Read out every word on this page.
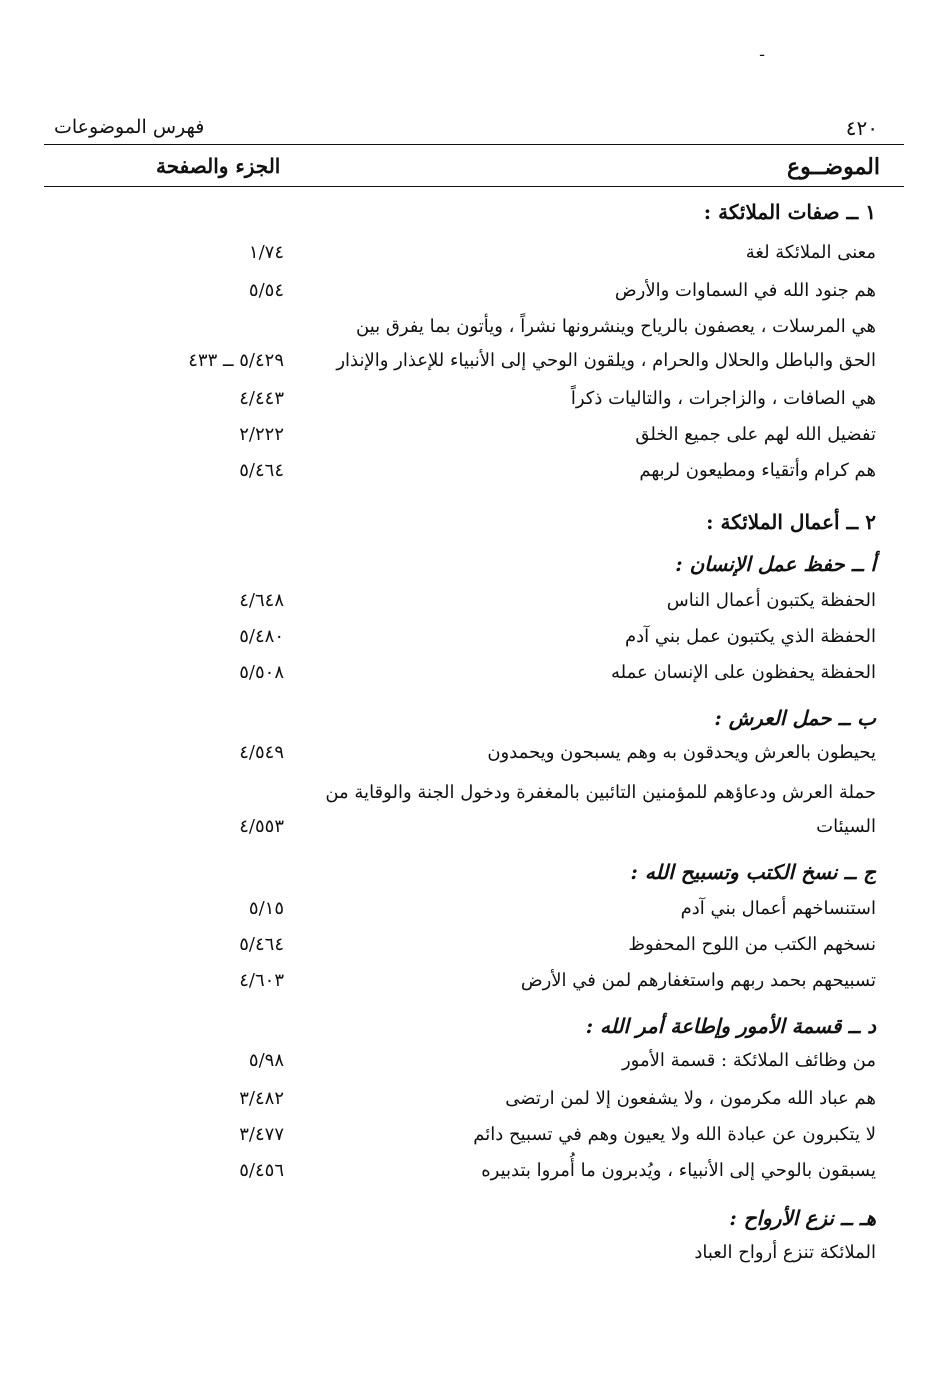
ـ
٤٢٠
فهرس الموضوعات
الموضــوع
الجزء والصفحة
١ ــ صفات الملائكة :
معنى الملائكة لغة
١/٧٤
هم جنود الله في السماوات والأرض
٥/٥٤
هي المرسلات ، يعصفون بالرياح وينشرونها نشراً ، ويأتون بما يفرق بين
الحق والباطل والحلال والحرام ، ويلقون الوحي إلى الأنبياء للإعذار والإنذار
٥/٤٢٩ ــ ٤٣٣
هي الصافات ، والزاجرات ، والتاليات ذكراً
٤/٤٤٣
تفضيل الله لهم على جميع الخلق
٢/٢٢٢
هم كرام وأتقياء ومطيعون لربهم
٥/٤٦٤
٢ ــ أعمال الملائكة :
أ ــ حفظ عمل الإنسان :
الحفظة يكتبون أعمال الناس
٤/٦٤٨
الحفظة الذي يكتبون عمل بني آدم
٥/٤٨٠
الحفظة يحفظون على الإنسان عمله
٥/٥٠٨
ب ــ حمل العرش :
يحيطون بالعرش ويحدقون به وهم يسبحون ويحمدون
٤/٥٤٩
حملة العرش ودعاؤهم للمؤمنين التائبين بالمغفرة ودخول الجنة والوقاية من
السيئات
٤/٥٥٣
ج ــ نسخ الكتب وتسبيح الله :
استنساخهم أعمال بني آدم
٥/١٥
نسخهم الكتب من اللوح المحفوظ
٥/٤٦٤
تسبيحهم بحمد ربهم واستغفارهم لمن في الأرض
٤/٦٠٣
د ــ قسمة الأمور وإطاعة أمر الله :
من وظائف الملائكة : قسمة الأمور
٥/٩٨
هم عباد الله مكرمون ، ولا يشفعون إلا لمن ارتضى
٣/٤٨٢
لا يتكبرون عن عبادة الله ولا يعيون وهم في تسبيح دائم
٣/٤٧٧
يسبقون بالوحي إلى الأنبياء ، ويُدبرون ما أُمروا بتدبيره
٥/٤٥٦
هـ ــ نزع الأرواح :
الملائكة تنزع أرواح العباد
